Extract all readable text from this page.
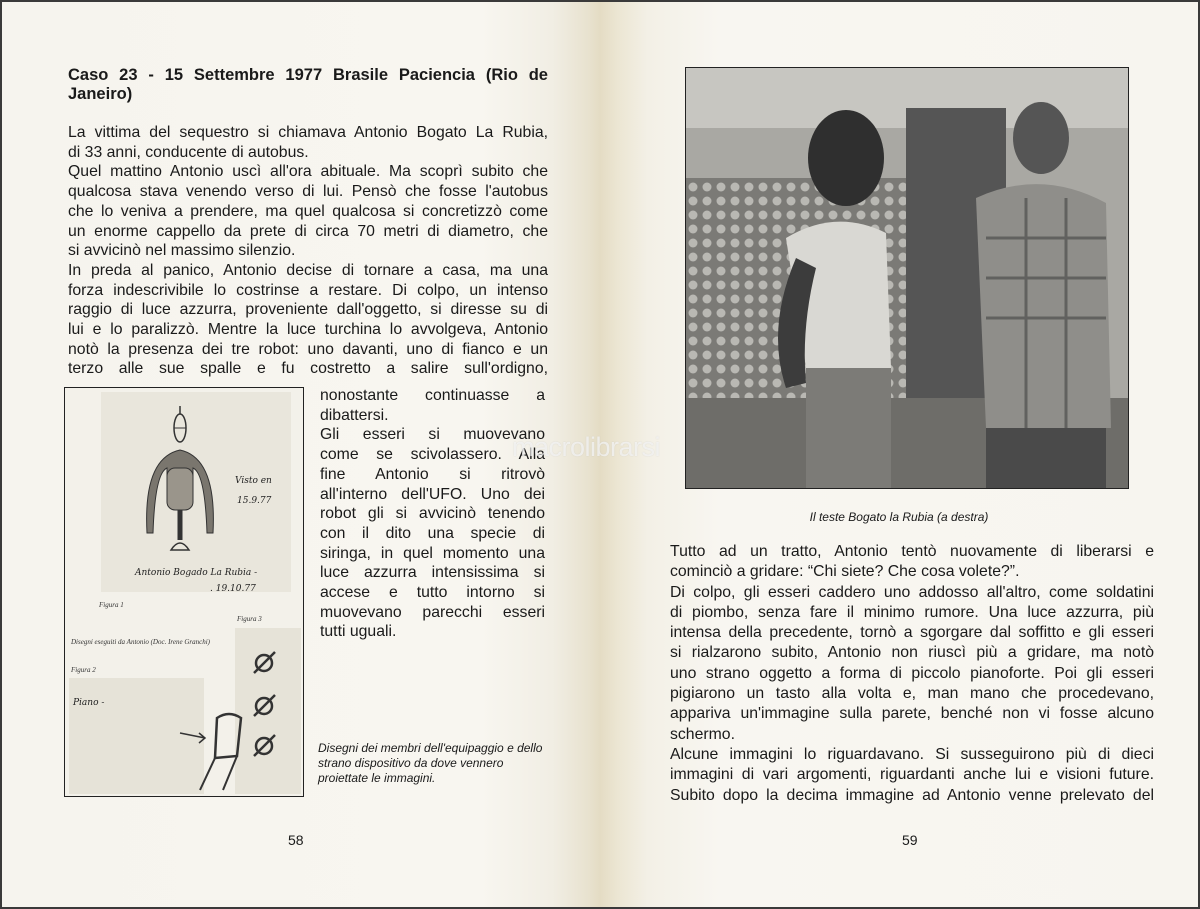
Caso 23 - 15 Settembre 1977 Brasile Paciencia (Rio de Janeiro)
La vittima del sequestro si chiamava Antonio Bogato La Rubia,
di 33 anni, conducente di autobus.
Quel mattino Antonio uscì all'ora abituale. Ma scoprì subito che
qualcosa stava venendo verso di lui. Pensò che fosse l'autobus
che lo veniva a prendere, ma quel qualcosa si concretizzò come
un enorme cappello da prete di circa 70 metri di diametro, che
si avvicinò nel massimo silenzio.
In preda al panico, Antonio decise di tornare a casa, ma una
forza indescrivibile lo costrinse a restare. Di colpo, un intenso
raggio di luce azzurra, proveniente dall'oggetto, si diresse su di
lui e lo paralizzò. Mentre la luce turchina lo avvolgeva, Antonio
notò la presenza dei tre robot: uno davanti, uno di fianco e un
terzo alle sue spalle e fu costretto a salire sull'ordigno,
nonostante continuasse a
dibattersi.
Gli esseri si muovevano
come se scivolassero. Alla
fine Antonio si ritrovò
all'interno dell'UFO. Uno dei
robot gli si avvicinò tenendo
con il dito una specie di
siringa, in quel momento una
luce azzurra intensissima si
accese e tutto intorno si
muovevano parecchi esseri
tutti uguali.
Visto en
15.9.77
Antonio Bogado La Rubia -
. 19.10.77
Figura 1
Figura 3
Disegni eseguiti da Antonio (Doc. Irene Granchi)
Figura 2
Piano -
Disegni dei membri dell'equipaggio e dello strano dispositivo da dove vennero proiettate le immagini.
58
Il teste Bogato la Rubia (a destra)
Tutto ad un tratto, Antonio tentò nuovamente di liberarsi e
cominciò a gridare: “Chi siete? Che cosa volete?”.
Di colpo, gli esseri caddero uno addosso all'altro, come soldatini
di piombo, senza fare il minimo rumore. Una luce azzurra, più
intensa della precedente, tornò a sgorgare dal soffitto e gli esseri
si rialzarono subito, Antonio non riuscì più a gridare, ma notò
uno strano oggetto a forma di piccolo pianoforte. Poi gli esseri
pigiarono un tasto alla volta e, man mano che procedevano,
appariva un'immagine sulla parete, benché non vi fosse alcuno
schermo.
Alcune immagini lo riguardavano. Si susseguirono più di dieci
immagini di vari argomenti, riguardanti anche lui e visioni future.
Subito dopo la decima immagine ad Antonio venne prelevato del
59
macrolibrarsi
